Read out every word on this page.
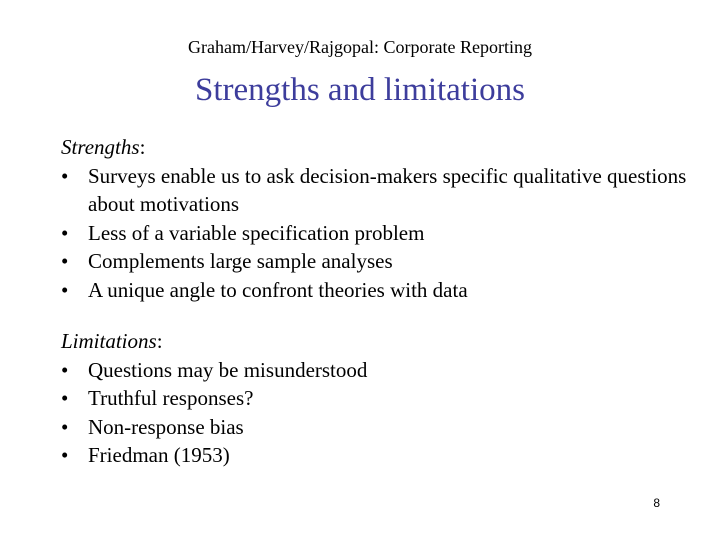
Graham/Harvey/Rajgopal: Corporate Reporting
Strengths and limitations
Strengths:
• Surveys enable us to ask decision-makers specific qualitative questions about motivations
• Less of a variable specification problem
• Complements large sample analyses
• A unique angle to confront theories with data
Limitations:
• Questions may be misunderstood
• Truthful responses?
• Non-response bias
• Friedman (1953)
8
